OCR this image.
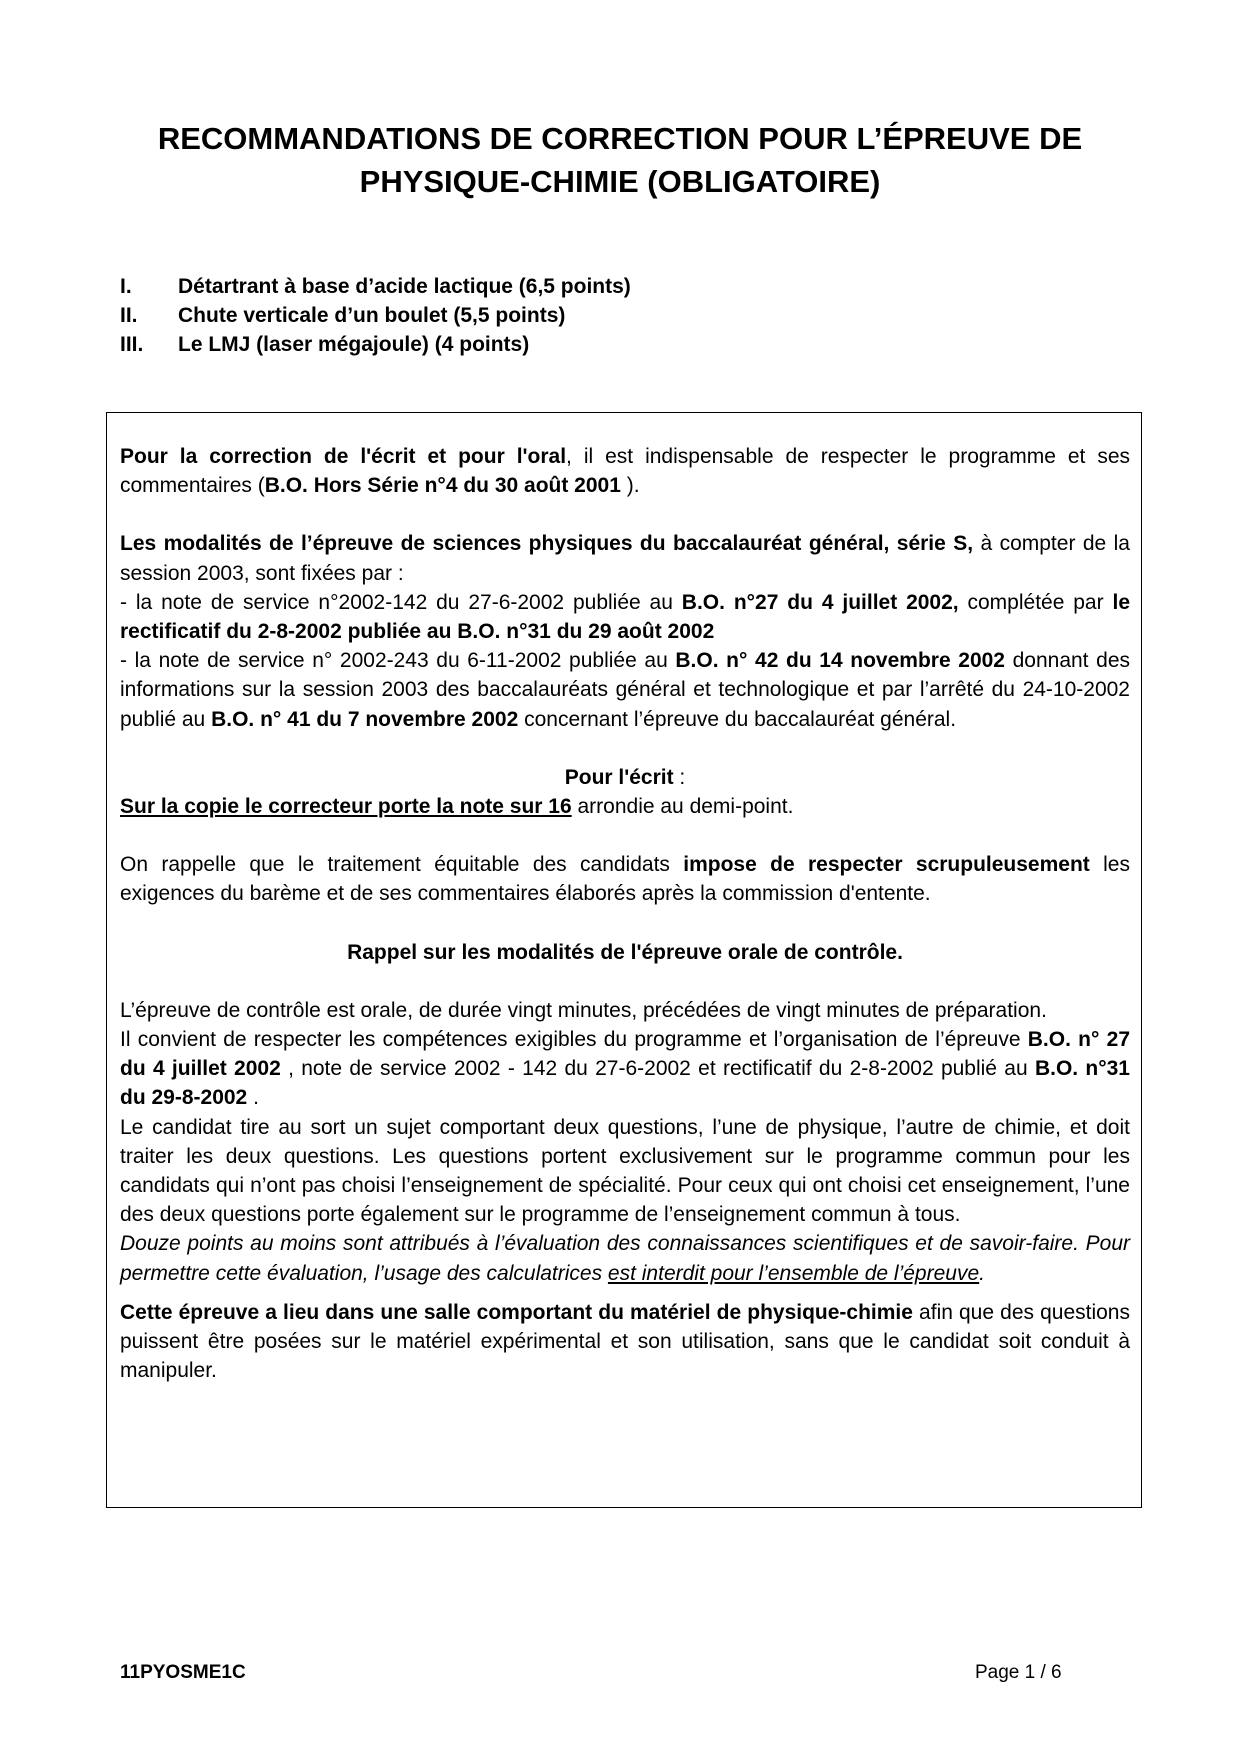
RECOMMANDATIONS DE CORRECTION POUR L’ÉPREUVE DE
PHYSIQUE-CHIMIE (OBLIGATOIRE)
I.	Détartrant à base d’acide lactique (6,5 points)
II.	Chute verticale d’un boulet (5,5 points)
III.	Le LMJ (laser mégajoule) (4 points)

Pour la correction de l'écrit et pour l'oral, il est indispensable de respecter le programme et ses commentaires (B.O. Hors Série n°4 du 30 août 2001 ).

Les modalités de l’épreuve de sciences physiques du baccalauréat général, série S, à compter de la session 2003, sont fixées par :

- la note de service n°2002-142 du 27-6-2002 publiée au B.O. n°27 du 4 juillet 2002, complétée par le rectificatif du 2-8-2002 publiée au B.O. n°31 du 29 août 2002

- la note de service n° 2002-243 du 6-11-2002 publiée au B.O. n° 42 du 14 novembre 2002 donnant des informations sur la session 2003 des baccalauréats général et technologique et par l’arrêté du 24-10-2002 publié au B.O. n° 41 du 7 novembre 2002 concernant l’épreuve du baccalauréat général.

Pour l'écrit :

Sur la copie le correcteur porte la note sur 16 arrondie au demi-point.

On rappelle que le traitement équitable des candidats impose de respecter scrupuleusement les exigences du barème et de ses commentaires élaborés après la commission d'entente.

Rappel sur les modalités de l'épreuve orale de contrôle.

L’épreuve de contrôle est orale, de durée vingt minutes, précédées de vingt minutes de préparation.

Il convient de respecter les compétences exigibles du programme et l’organisation de l’épreuve B.O. n° 27 du 4 juillet 2002 , note de service 2002 - 142 du 27-6-2002 et rectificatif du 2-8-2002 publié au B.O. n°31 du 29-8-2002 .

Le candidat tire au sort un sujet comportant deux questions, l’une de physique, l’autre de chimie, et doit traiter les deux questions. Les questions portent exclusivement sur le programme commun pour les candidats qui n’ont pas choisi l’enseignement de spécialité. Pour ceux qui ont choisi cet enseignement, l’une des deux questions porte également sur le programme de l’enseignement commun à tous.

Douze points au moins sont attribués à l’évaluation des connaissances scientifiques et de savoir-faire. Pour permettre cette évaluation, l’usage des calculatrices est interdit pour l’ensemble de l’épreuve.

Cette épreuve a lieu dans une salle comportant du matériel de physique-chimie afin que des questions puissent être posées sur le matériel expérimental et son utilisation, sans que le candidat soit conduit à manipuler.

11PYOSME1C	Page 1 / 6
